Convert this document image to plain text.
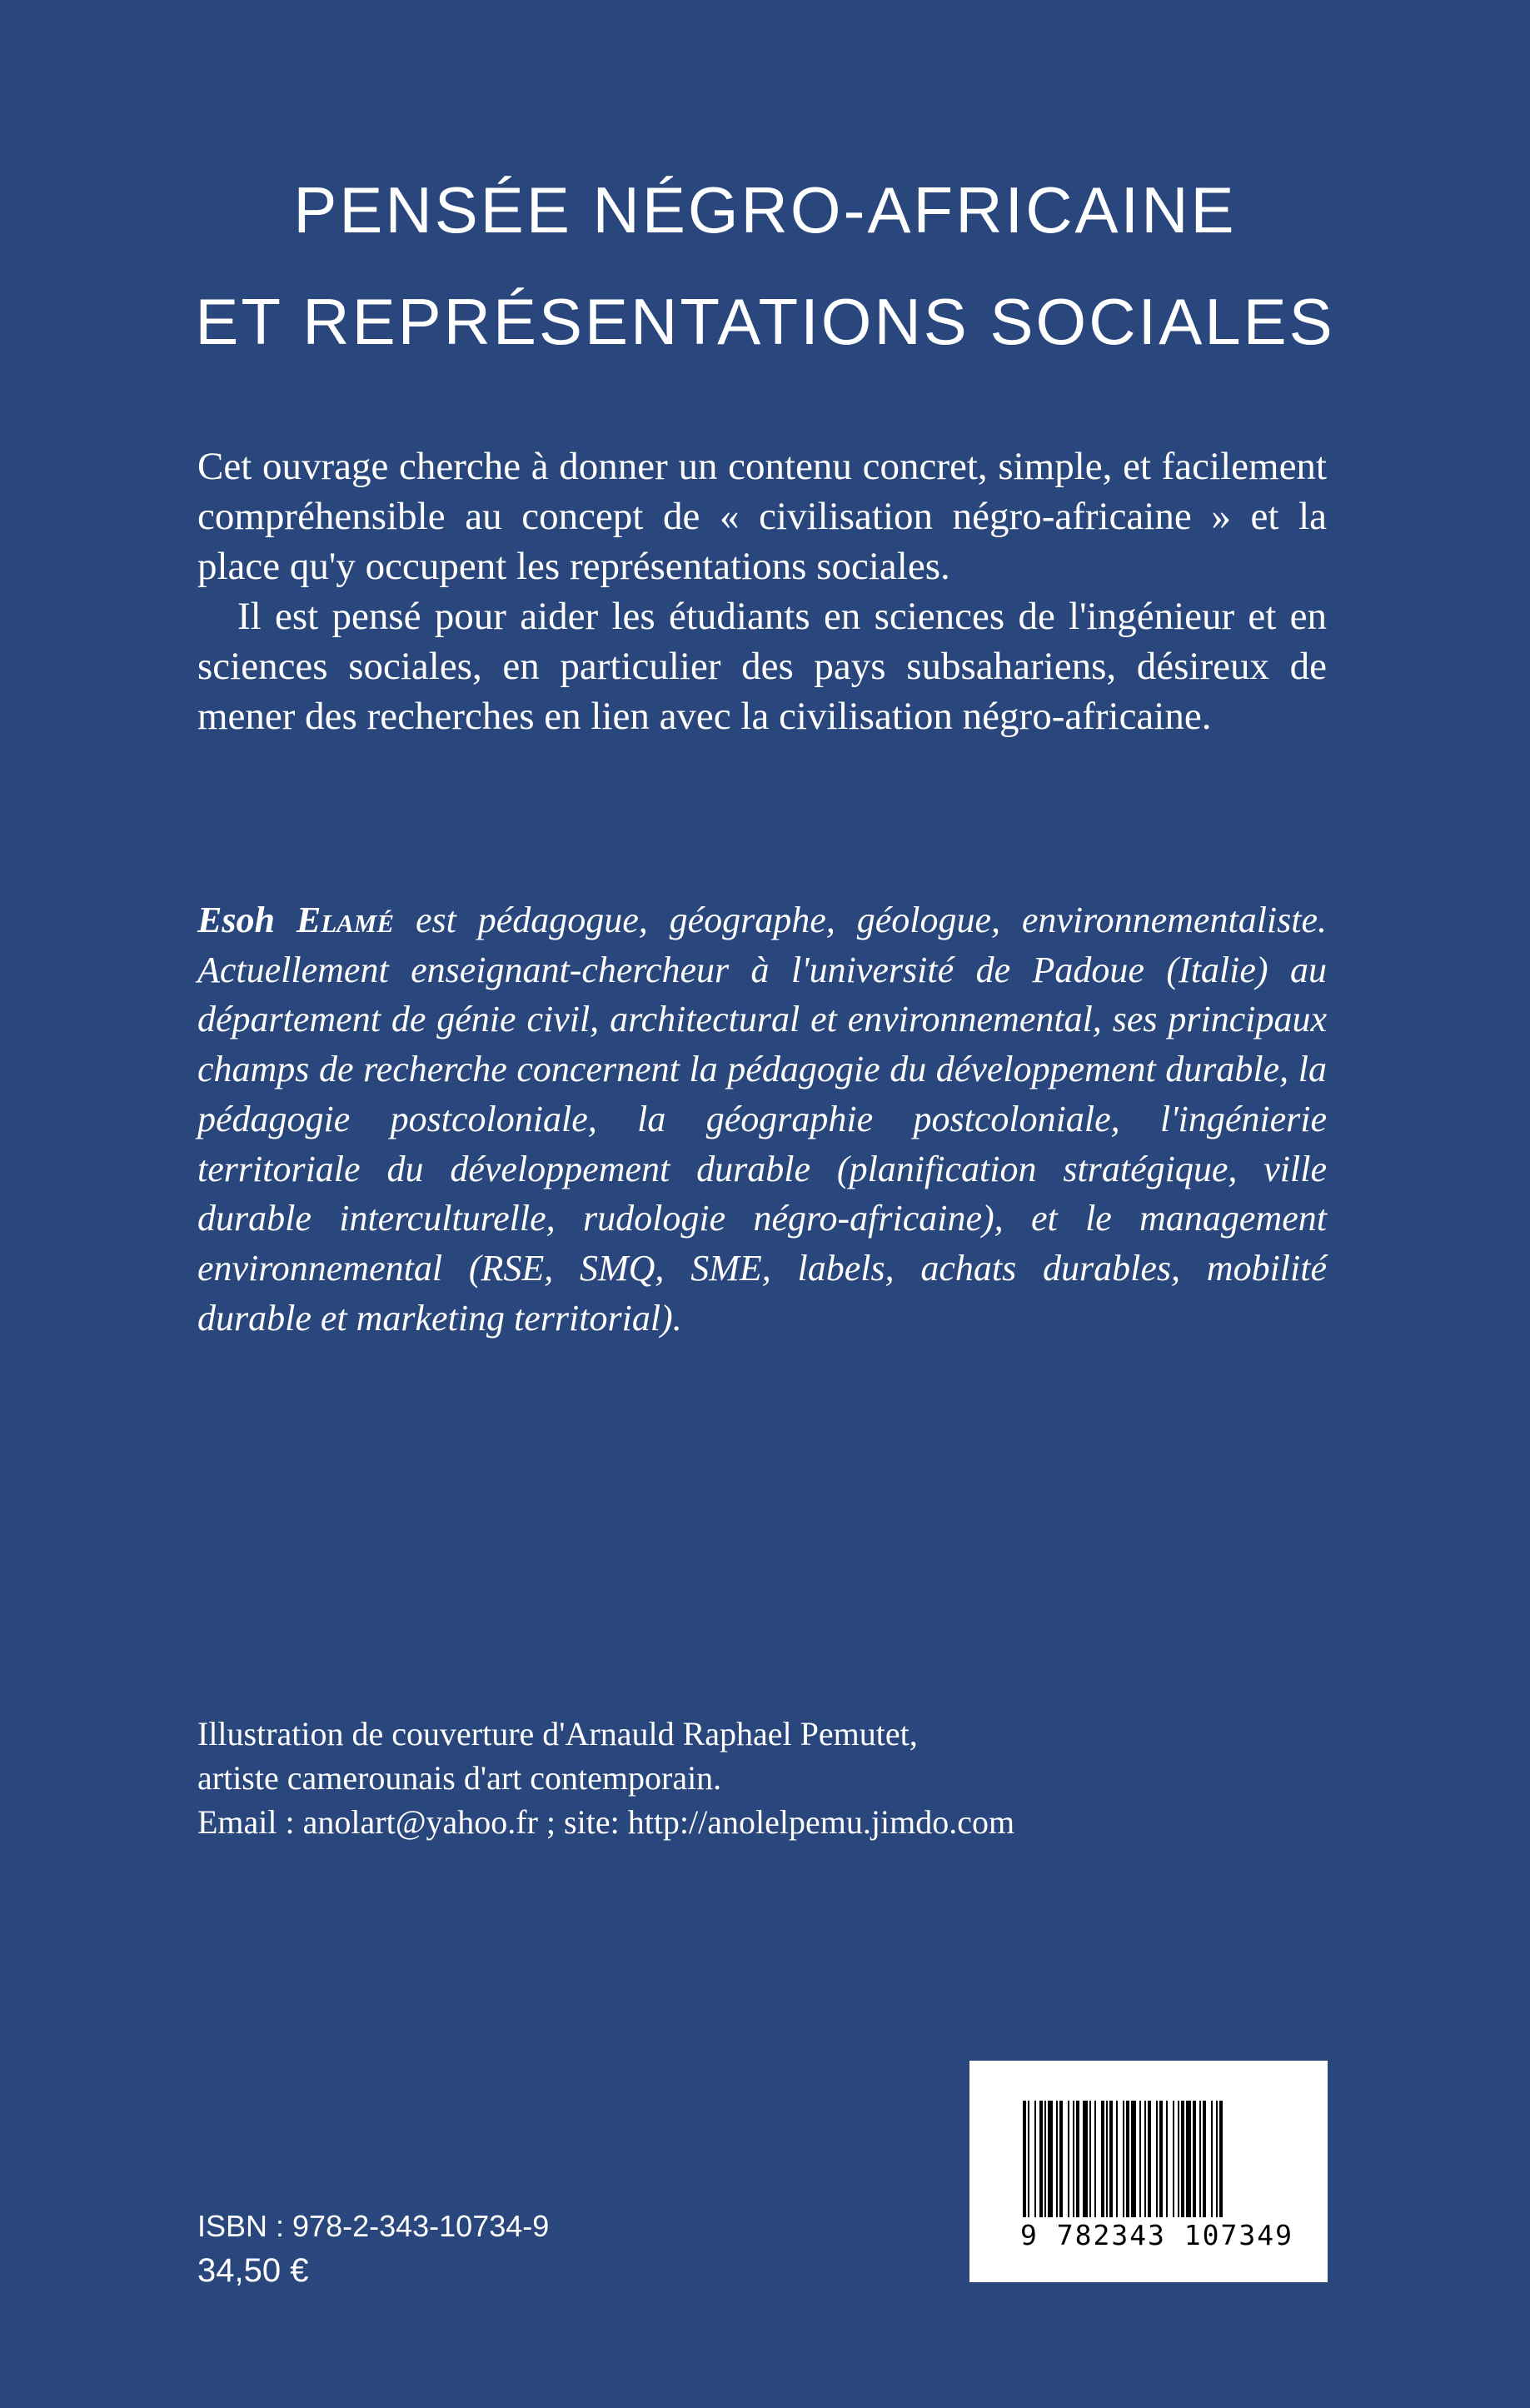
PENSÉE NÉGRO-AFRICAINE
ET REPRÉSENTATIONS SOCIALES

Cet ouvrage cherche à donner un contenu concret, simple, et facilement compréhensible au concept de « civilisation négro-africaine » et la place qu'y occupent les représentations sociales.

Il est pensé pour aider les étudiants en sciences de l'ingénieur et en sciences sociales, en particulier des pays subsahariens, désireux de mener des recherches en lien avec la civilisation négro-africaine.

Esoh Elamé est pédagogue, géographe, géologue, environnementaliste. Actuellement enseignant-chercheur à l'université de Padoue (Italie) au département de génie civil, architectural et environnemental, ses principaux champs de recherche concernent la pédagogie du développement durable, la pédagogie postcoloniale, la géographie postcoloniale, l'ingénierie territoriale du développement durable (planification stratégique, ville durable interculturelle, rudologie négro-africaine), et le management environnemental (RSE, SMQ, SME, labels, achats durables, mobilité durable et marketing territorial).
Illustration de couverture d'Arnauld Raphael Pemutet,
artiste camerounais d'art contemporain.
Email : anolart@yahoo.fr ; site: http://anolelpemu.jimdo.com
9 782343 107349
ISBN : 978-2-343-10734-9
34,50 €
